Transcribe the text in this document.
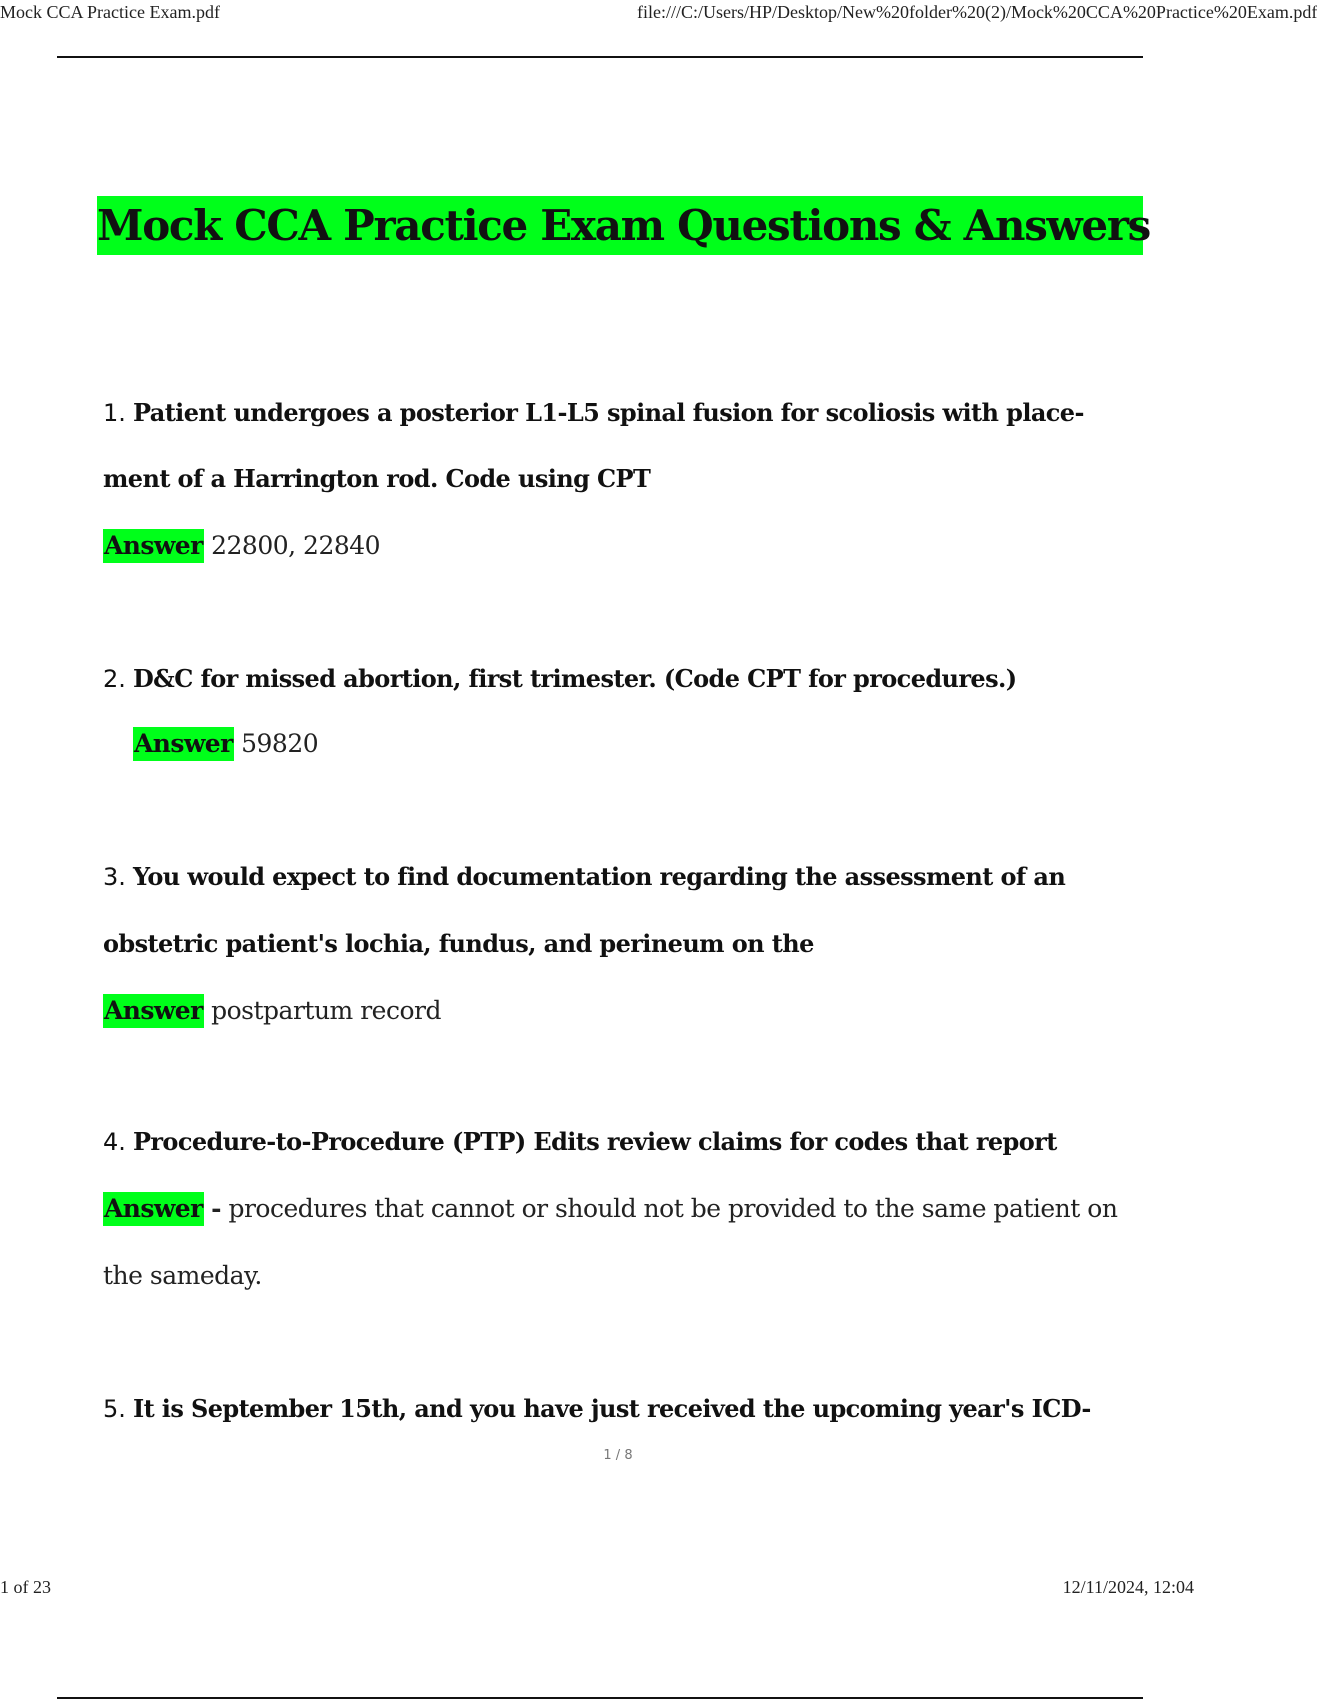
Mock CCA Practice Exam.pdf	file:///C:/Users/HP/Desktop/New%20folder%20(2)/Mock%20CCA%20Practice%20Exam.pdf
Mock CCA Practice Exam Questions & Answers
1. Patient undergoes a posterior L1-L5 spinal fusion for scoliosis with place-
ment of a Harrington rod. Code using CPT
Answer 22800, 22840
2. D&C for missed abortion, first trimester. (Code CPT for procedures.)
Answer 59820
3. You would expect to find documentation regarding the assessment of an
obstetric patient's lochia, fundus, and perineum on the
Answer postpartum record
4. Procedure-to-Procedure (PTP) Edits review claims for codes that report
Answer - procedures that cannot or should not be provided to the same patient on
the sameday.
5. It is September 15th, and you have just received the upcoming year's ICD-
1 / 8
1 of 23	12/11/2024, 12:04
